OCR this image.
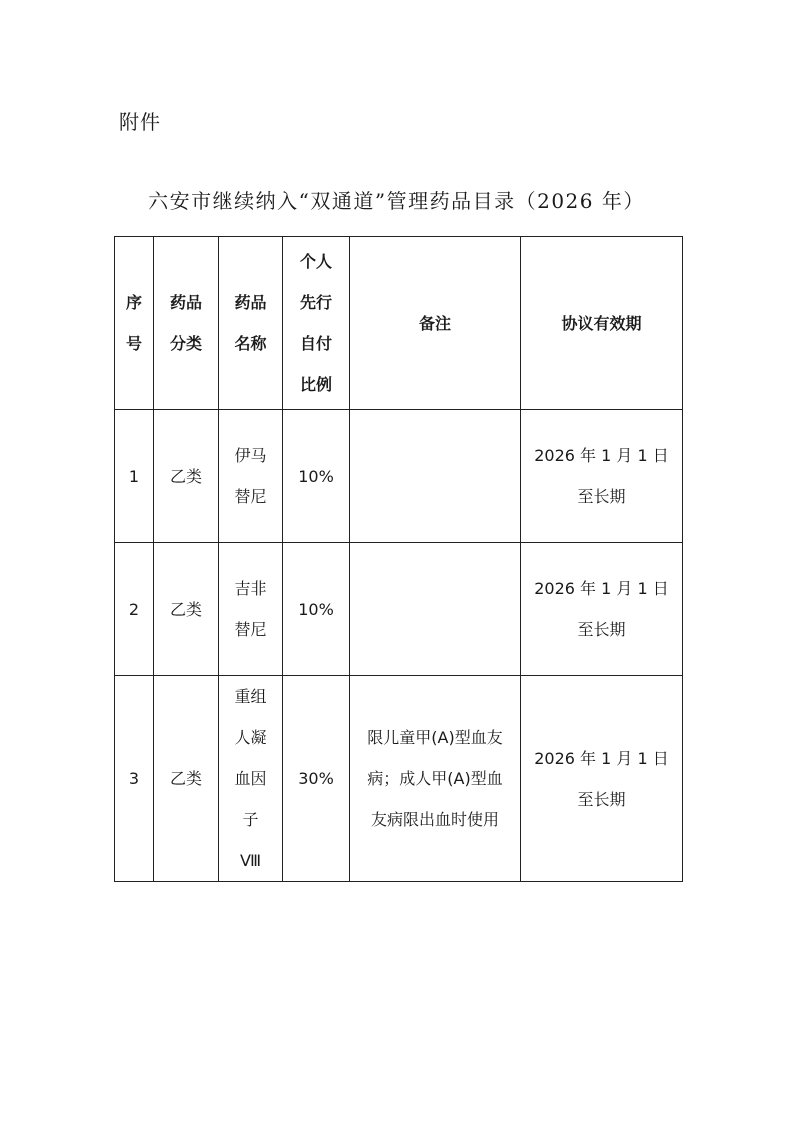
附件
六安市继续纳入“双通道”管理药品目录（2026 年）
序号	药品分类	药品名称	个人先行自付比例	备注	协议有效期
1	乙类	伊马替尼	10%		2026 年 1 月 1 日至长期
2	乙类	吉非替尼	10%		2026 年 1 月 1 日至长期
3	乙类	重组人凝血因子Ⅷ	30%	限儿童甲(A)型血友病；成人甲(A)型血友病限出血时使用	2026 年 1 月 1 日至长期
